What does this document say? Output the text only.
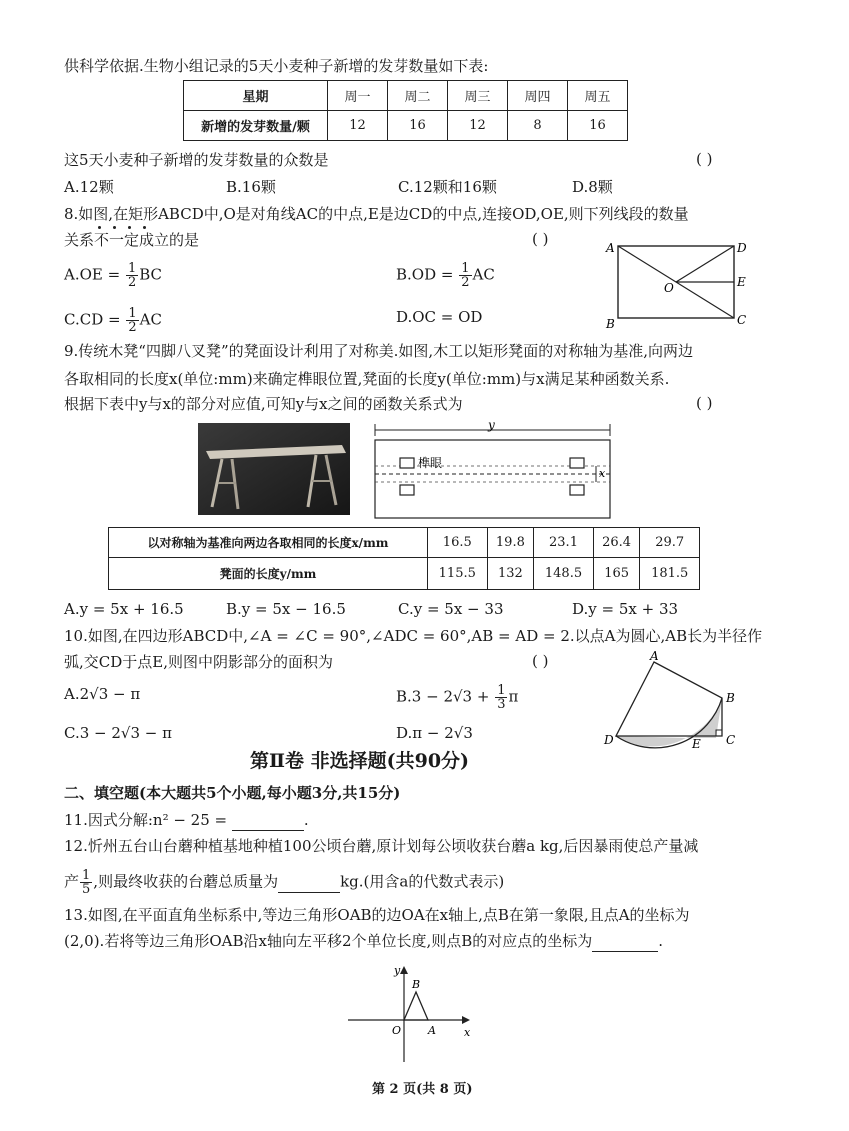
供科学依据.生物小组记录的5天小麦种子新增的发芽数量如下表:
星期	周一	周二	周三	周四	周五
新增的发芽数量/颗	12	16	12	8	16
这5天小麦种子新增的发芽数量的众数是	( )
A.12颗	B.16颗	C.12颗和16颗	D.8颗
8.如图,在矩形ABCD中,O是对角线AC的中点,E是边CD的中点,连接OD,OE,则下列线段的数量
关系不一定成立的是	( )
$A.OE = \frac{1}{2}$ BC	$B.OD = \frac{1}{2}$ AC
$C.CD = \frac{1}{2}$ AC	D.OC = OD
A	D
B	C
O	E
9.传统木凳“四脚八叉凳”的凳面设计利用了对称美.如图,木工以矩形凳面的对称轴为基准,向两边
各取相同的长度x(单位:mm)来确定榫眼位置,凳面的长度y(单位:mm)与x满足某种函数关系.
根据下表中y与x的部分对应值,可知y与x之间的函数关系式为	( )
y
榫眼
x
以对称轴为基准向两边各取相同的长度x/mm	16.5	19.8	23.1	26.4	29.7
凳面的长度y/mm	115.5	132	148.5	165	181.5
A.y = 5x + 16.5	B.y = 5x − 16.5	C.y = 5x − 33	D.y = 5x + 33
10.如图,在四边形ABCD中,∠A = ∠C = 90°,∠ADC = 60°,AB = AD = 2.以点A为圆心,AB长为半径作
弧,交CD于点E,则图中阴影部分的面积为	( )
A.2√3 − π	$B.3 - 2√3 + \frac{1}{3}$ π
C.3 − 2√3 − π	D.π − 2√3
A
B
C
D	E
第Ⅱ卷 非选择题(共90分)
二、填空题(本大题共5个小题,每小题3分,共15分)
11.因式分解:n² − 25 =	.
12.忻州五台山台蘑种植基地种植100公顷台蘑,原计划每公顷收获台蘑a kg,后因暴雨使总产量减
产 $\frac{1}{5}$ ,则最终收获的台蘑总质量为	kg.(用含a的代数式表示)
13.如图,在平面直角坐标系中,等边三角形OAB的边OA在x轴上,点B在第一象限,且点A的坐标为
(2,0).若将等边三角形OAB沿x轴向左平移2个单位长度,则点B的对应点的坐标为	.
x
y
O A
B
第 2 页(共 8 页)
